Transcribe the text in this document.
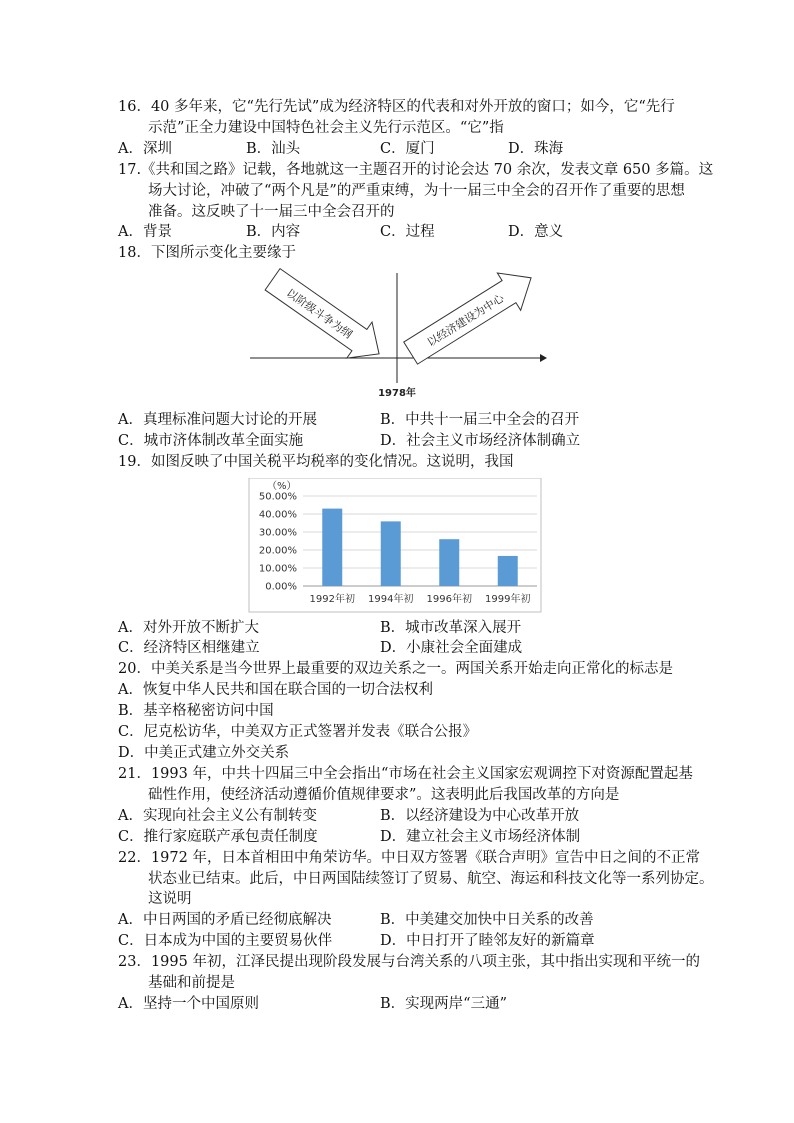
16．40 多年来，它“先行先试”成为经济特区的代表和对外开放的窗口；如今，它“先行
示范”正全力建设中国特色社会主义先行示范区。“它”指
A．深圳	B．汕头	C．厦门	D．珠海
17.《共和国之路》记载，各地就这一主题召开的讨论会达 70 余次，发表文章 650 多篇。这
场大讨论，冲破了“两个凡是”的严重束缚，为十一届三中全会的召开作了重要的思想
准备。这反映了十一届三中全会召开的
A．背景	B．内容	C．过程	D．意义
18．下图所示变化主要缘于
以阶级斗争为纲	以经济建设为中心
1978年
A．真理标准问题大讨论的开展	B．中共十一届三中全会的召开
C．城市济体制改革全面实施	D．社会主义市场经济体制确立
19．如图反映了中国关税平均税率的变化情况。这说明，我国
（%）
0.00%
10.00%
20.00%
30.00%
40.00%
50.00%
1992年初 1994年初 1996年初 1999年初
A．对外开放不断扩大	B．城市改革深入展开
C．经济特区相继建立	D．小康社会全面建成
20．中美关系是当今世界上最重要的双边关系之一。两国关系开始走向正常化的标志是
A．恢复中华人民共和国在联合国的一切合法权利
B．基辛格秘密访问中国
C．尼克松访华，中美双方正式签署并发表《联合公报》
D．中美正式建立外交关系
21．1993 年，中共十四届三中全会指出“市场在社会主义国家宏观调控下对资源配置起基
础性作用，使经济活动遵循价值规律要求”。这表明此后我国改革的方向是
A．实现向社会主义公有制转变	B．以经济建设为中心改革开放
C．推行家庭联产承包责任制度	D．建立社会主义市场经济体制
22．1972 年，日本首相田中角荣访华。中日双方签署《联合声明》宣告中日之间的不正常
状态业已结束。此后，中日两国陆续签订了贸易、航空、海运和科技文化等一系列协定。
这说明
A．中日两国的矛盾已经彻底解决	B．中美建交加快中日关系的改善
C．日本成为中国的主要贸易伙伴	D．中日打开了睦邻友好的新篇章
23．1995 年初，江泽民提出现阶段发展与台湾关系的八项主张，其中指出实现和平统一的
基础和前提是
A．坚持一个中国原则	B．实现两岸“三通”
